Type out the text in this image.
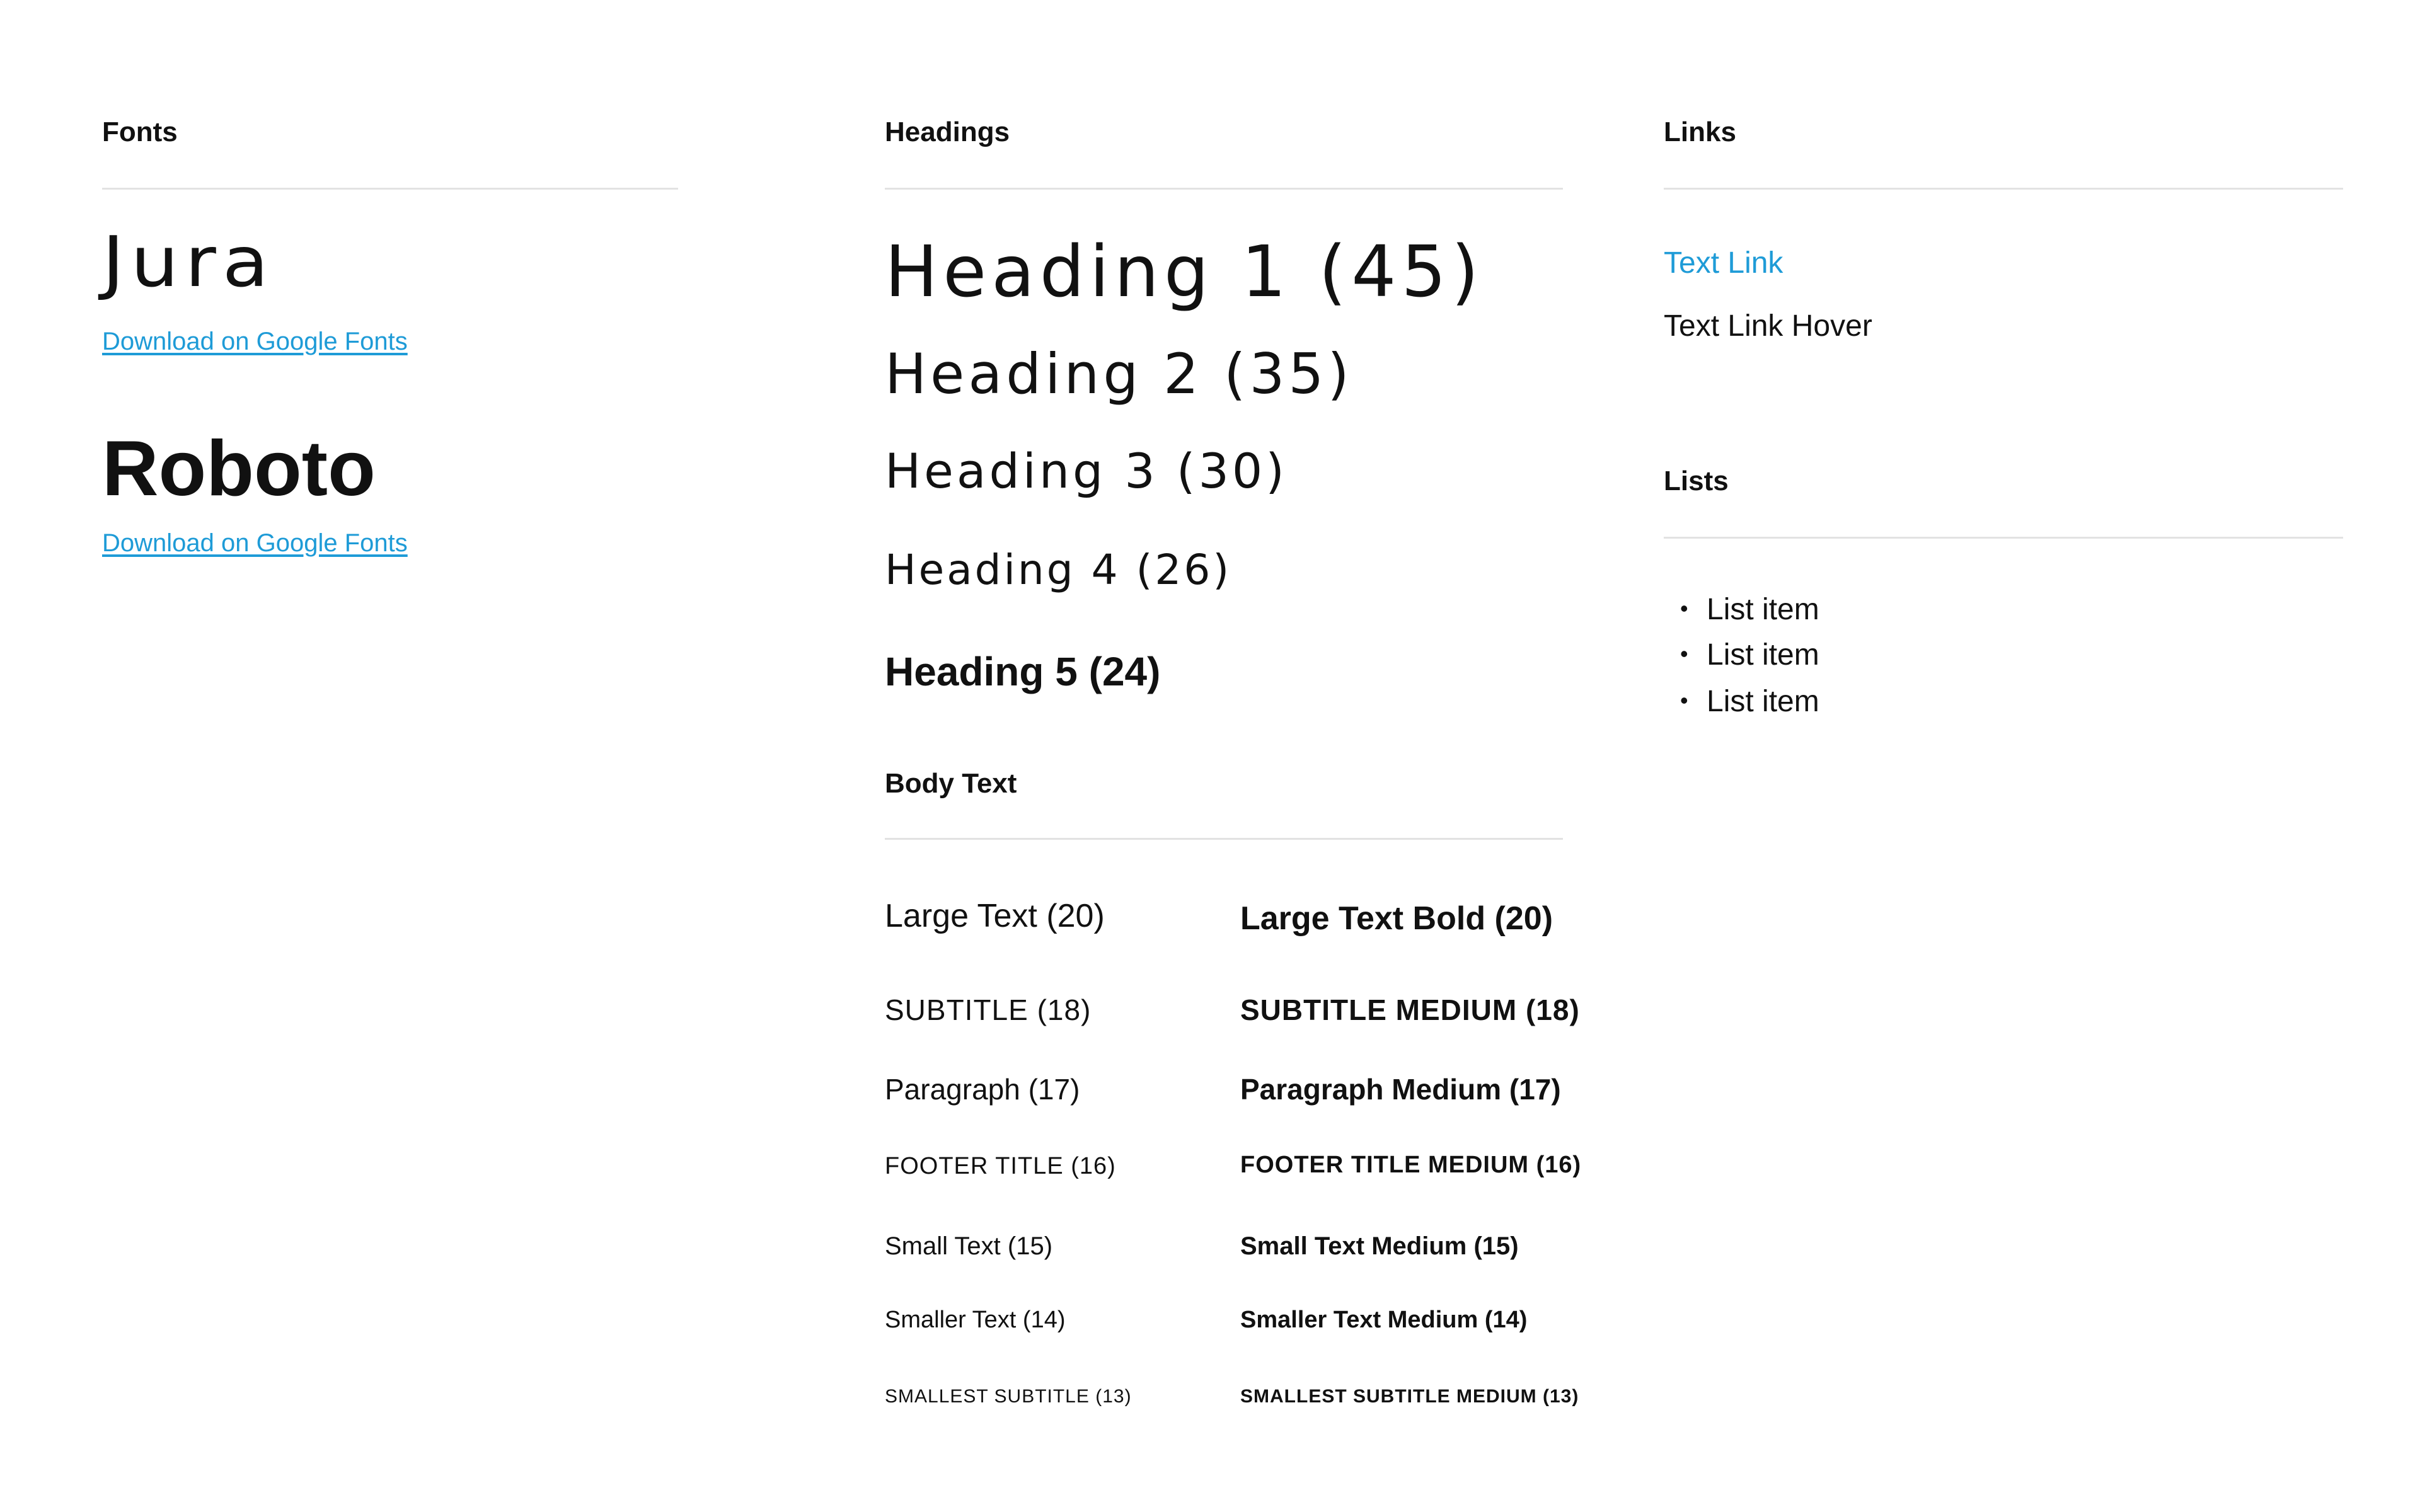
Fonts
Jura
Download on Google Fonts
Roboto
Download on Google Fonts
Headings
Heading 1 (45)
Heading 2 (35)
Heading 3 (30)
Heading 4 (26)
Heading 5 (24)
Body Text
Large Text (20)	Large Text Bold (20)
SUBTITLE (18)	SUBTITLE MEDIUM (18)
Paragraph (17)	Paragraph Medium (17)
FOOTER TITLE (16)	FOOTER TITLE MEDIUM (16)
Small Text (15)	Small Text Medium (15)
Smaller Text (14)	Smaller Text Medium (14)
SMALLEST SUBTITLE (13)	SMALLEST SUBTITLE MEDIUM (13)
Links
Text Link
Text Link Hover
Lists
• List item
• List item
• List item
